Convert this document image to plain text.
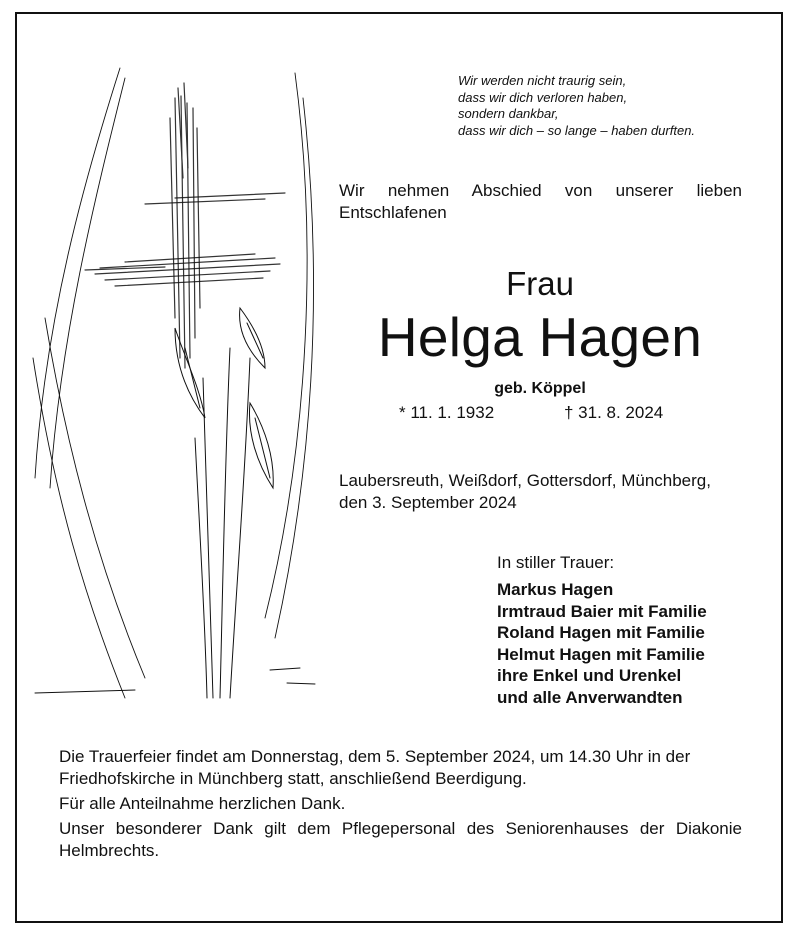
Wir werden nicht traurig sein,
dass wir dich verloren haben,
sondern dankbar,
dass wir dich – so lange – haben durften.
Wir nehmen Abschied von unserer lieben
Entschlafenen
Frau
Helga Hagen
geb. Köppel
* 11. 1. 1932	† 31. 8. 2024
Laubersreuth, Weißdorf, Gottersdorf, Münchberg,
den 3. September 2024
In stiller Trauer:
Markus Hagen
Irmtraud Baier mit Familie
Roland Hagen mit Familie
Helmut Hagen mit Familie
ihre Enkel und Urenkel
und alle Anverwandten

Die Trauerfeier findet am Donnerstag, dem 5. September 2024, um 14.30 Uhr in der Friedhofskirche in Münchberg statt, anschließend Beerdigung.

Für alle Anteilnahme herzlichen Dank.

Unser besonderer Dank gilt dem Pflegepersonal des Seniorenhauses der Diakonie Helmbrechts.
